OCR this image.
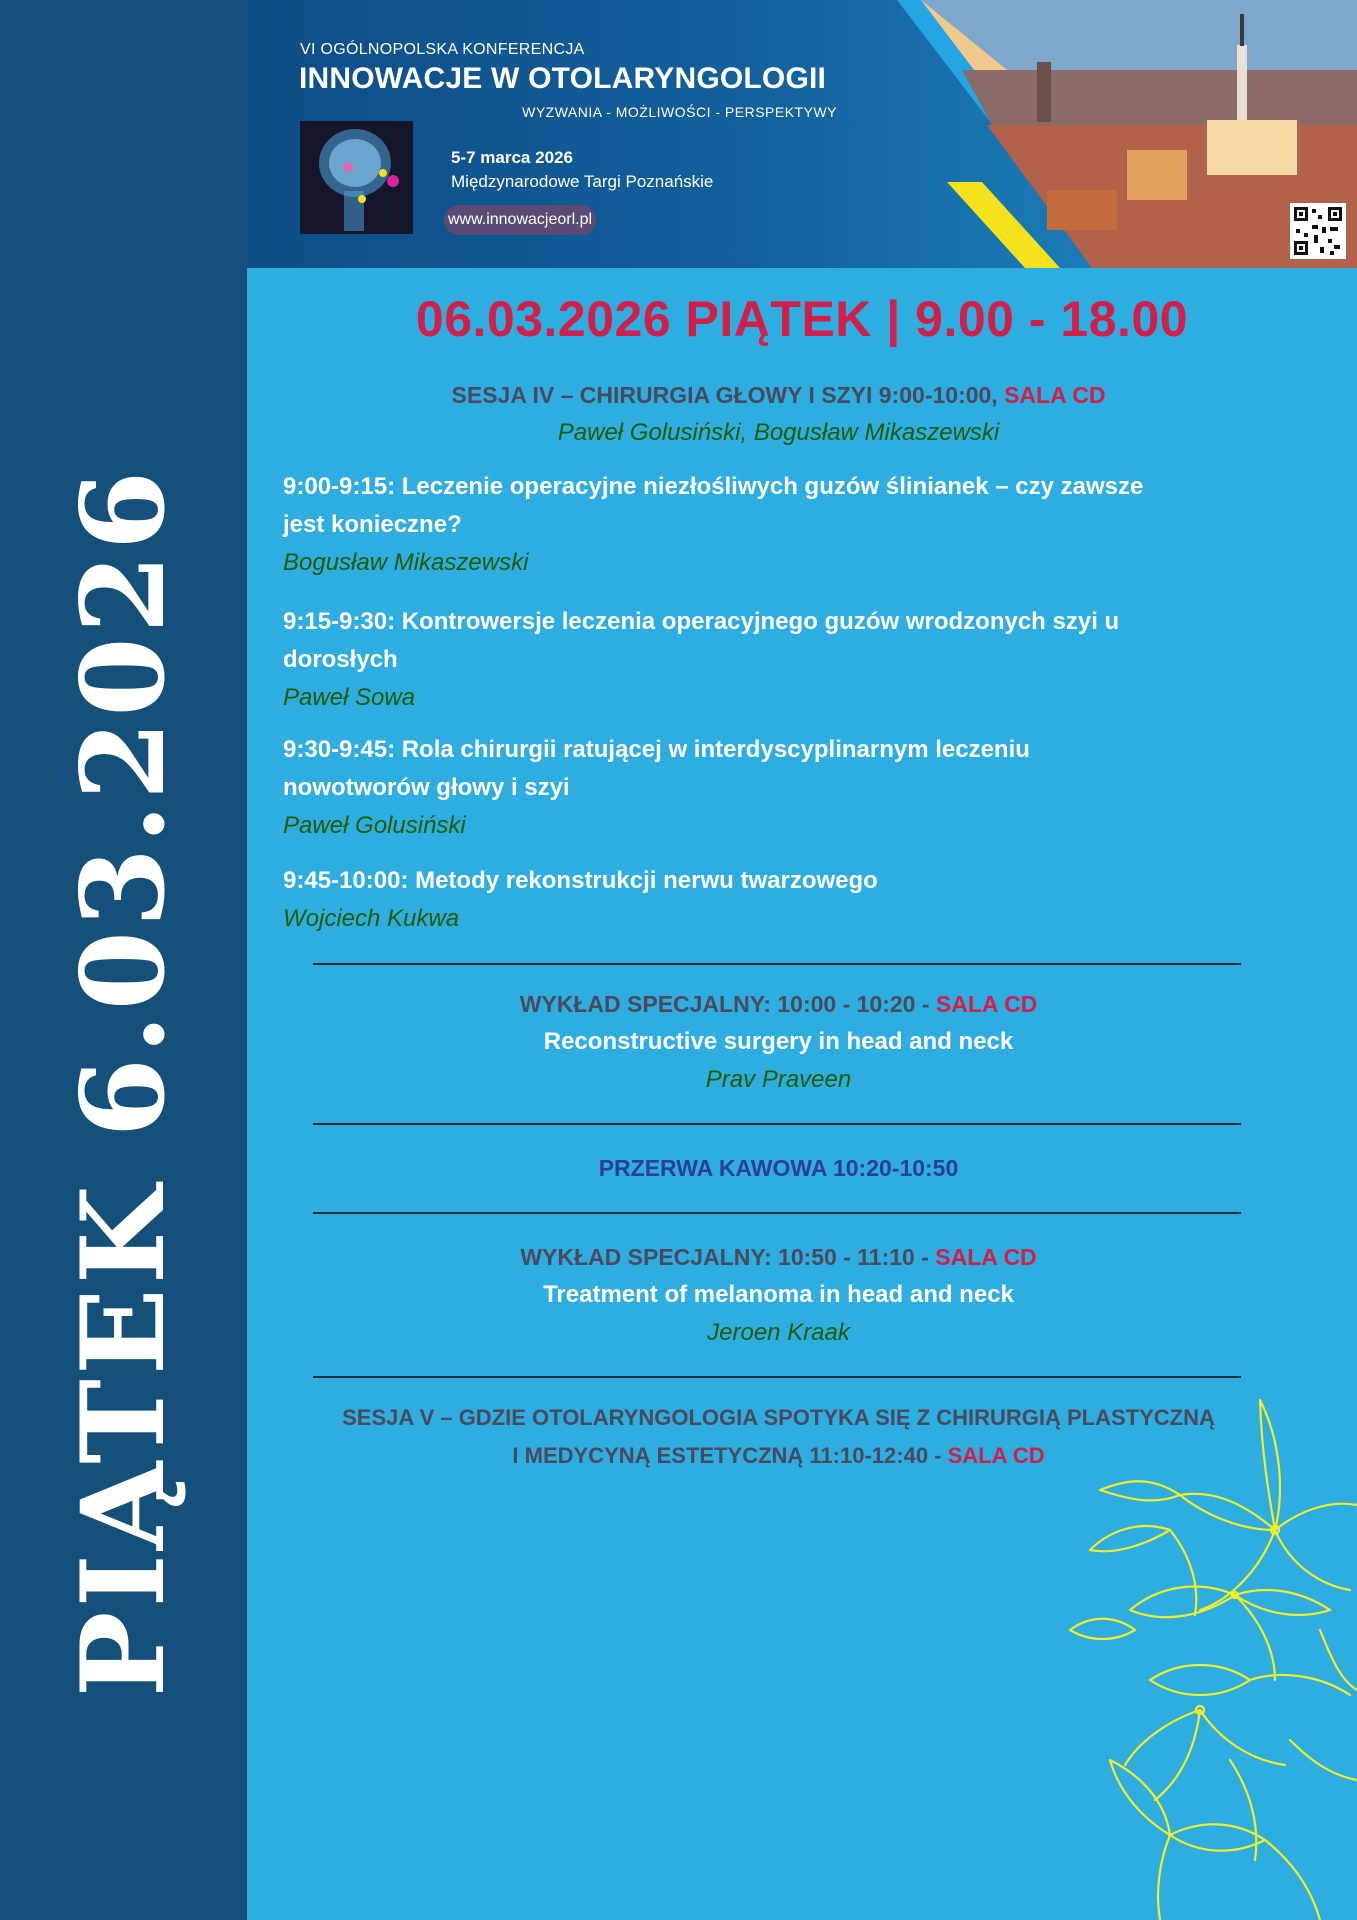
PIĄTEK 6.03.2026
VI OGÓLNOPOLSKA KONFERENCJA
INNOWACJE W OTOLARYNGOLOGII
WYZWANIA - MOŻLIWOŚCI - PERSPEKTYWY
5-7 marca 2026
Międzynarodowe Targi Poznańskie
www.innowacjeorl.pl
06.03.2026 PIĄTEK | 9.00 - 18.00
SESJA IV – CHIRURGIA GŁOWY I SZYI 9:00-10:00, SALA CD
Paweł Golusiński, Bogusław Mikaszewski
9:00-9:15: Leczenie operacyjne niezłośliwych guzów ślinianek – czy zawsze
jest konieczne?
Bogusław Mikaszewski
9:15-9:30: Kontrowersje leczenia operacyjnego guzów wrodzonych szyi u
dorosłych
Paweł Sowa
9:30-9:45: Rola chirurgii ratującej w interdyscyplinarnym leczeniu
nowotworów głowy i szyi
Paweł Golusiński
9:45-10:00: Metody rekonstrukcji nerwu twarzowego
Wojciech Kukwa
WYKŁAD SPECJALNY: 10:00 - 10:20 - SALA CD
Reconstructive surgery in head and neck
Prav Praveen
PRZERWA KAWOWA 10:20-10:50
WYKŁAD SPECJALNY: 10:50 - 11:10 - SALA CD
Treatment of melanoma in head and neck
Jeroen Kraak
SESJA V – GDZIE OTOLARYNGOLOGIA SPOTYKA SIĘ Z CHIRURGIĄ PLASTYCZNĄ
I MEDYCYNĄ ESTETYCZNĄ 11:10-12:40 - SALA CD
